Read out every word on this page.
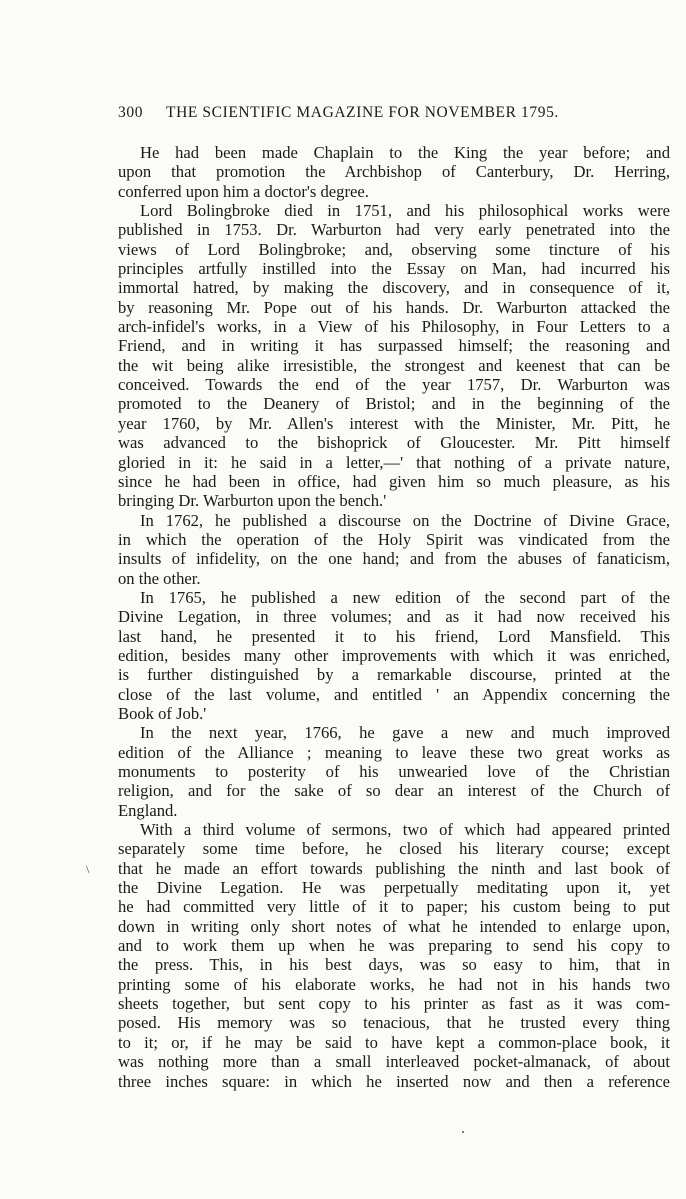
300 THE SCIENTIFIC MAGAZINE FOR NOVEMBER 1795.

He had been made Chaplain to the King the year before; and
upon that promotion the Archbishop of Canterbury, Dr. Herring,
conferred upon him a doctor's degree.
Lord Bolingbroke died in 1751, and his philosophical works were
published in 1753. Dr. Warburton had very early penetrated into the
views of Lord Bolingbroke; and, observing some tincture of his
principles artfully instilled into the Essay on Man, had incurred his
immortal hatred, by making the discovery, and in consequence of it,
by reasoning Mr. Pope out of his hands. Dr. Warburton attacked the
arch-infidel's works, in a View of his Philosophy, in Four Letters to a
Friend, and in writing it has surpassed himself; the reasoning and
the wit being alike irresistible, the strongest and keenest that can be
conceived. Towards the end of the year 1757, Dr. Warburton was
promoted to the Deanery of Bristol; and in the beginning of the
year 1760, by Mr. Allen's interest with the Minister, Mr. Pitt, he
was advanced to the bishoprick of Gloucester. Mr. Pitt himself
gloried in it: he said in a letter,—' that nothing of a private nature,
since he had been in office, had given him so much pleasure, as his
bringing Dr. Warburton upon the bench.'
In 1762, he published a discourse on the Doctrine of Divine Grace,
in which the operation of the Holy Spirit was vindicated from the
insults of infidelity, on the one hand; and from the abuses of fanaticism,
on the other.
In 1765, he published a new edition of the second part of the
Divine Legation, in three volumes; and as it had now received his
last hand, he presented it to his friend, Lord Mansfield. This
edition, besides many other improvements with which it was enriched,
is further distinguished by a remarkable discourse, printed at the
close of the last volume, and entitled ' an Appendix concerning the
Book of Job.'
In the next year, 1766, he gave a new and much improved
edition of the Alliance ; meaning to leave these two great works as
monuments to posterity of his unwearied love of the Christian
religion, and for the sake of so dear an interest of the Church of
England.
With a third volume of sermons, two of which had appeared printed
separately some time before, he closed his literary course; except
that he made an effort towards publishing the ninth and last book of
the Divine Legation. He was perpetually meditating upon it, yet
he had committed very little of it to paper; his custom being to put
down in writing only short notes of what he intended to enlarge upon,
and to work them up when he was preparing to send his copy to
the press. This, in his best days, was so easy to him, that in
printing some of his elaborate works, he had not in his hands two
sheets together, but sent copy to his printer as fast as it was com-
posed. His memory was so tenacious, that he trusted every thing
to it; or, if he may be said to have kept a common-place book, it
was nothing more than a small interleaved pocket-almanack, of about
three inches square: in which he inserted now and then a reference

\
